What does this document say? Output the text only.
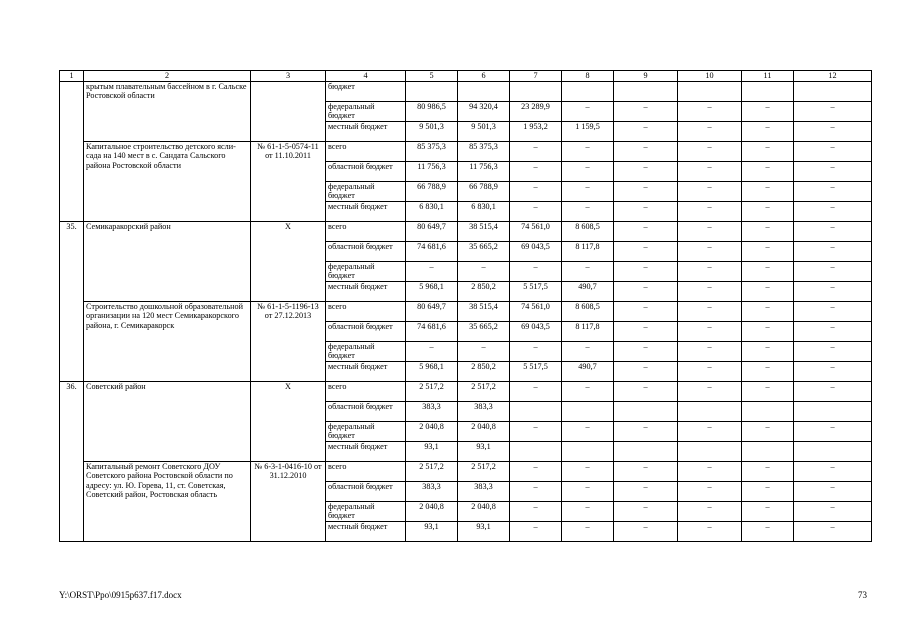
1	2	3	4	5	6	7	8	9	10	11	12
	крытым плавательным бассейном в г. Сальске Ростовской области		бюджет								
			федеральный бюджет	80 986,5	94 320,4	23 289,9	–	–	–	–	–
			местный бюджет	9 501,3	9 501,3	1 953,2	1 159,5	–	–	–	–
	Капитальное строительство детского ясли-сада на 140 мест в с. Сандата Сальского района Ростовской области	№ 61-1-5-0574-11 от 11.10.2011	всего	85 375,3	85 375,3	–	–	–	–	–	–
			областной бюджет	11 756,3	11 756,3	–	–	–	–	–	–
			федеральный бюджет	66 788,9	66 788,9	–	–	–	–	–	–
			местный бюджет	6 830,1	6 830,1	–	–	–	–	–	–
35.	Семикаракорский район	Х	всего	80 649,7	38 515,4	74 561,0	8 608,5	–	–	–	–
			областной бюджет	74 681,6	35 665,2	69 043,5	8 117,8	–	–	–	–
			федеральный бюджет	–	–	–	–	–	–	–	–
			местный бюджет	5 968,1	2 850,2	5 517,5	490,7	–	–	–	–
	Строительство дошкольной образовательной организации на 120 мест Семикаракорского района, г. Семикаракорск	№ 61-1-5-1196-13 от 27.12.2013	всего	80 649,7	38 515,4	74 561,0	8 608,5	–	–	–	–
			областной бюджет	74 681,6	35 665,2	69 043,5	8 117,8	–	–	–	–
			федеральный бюджет	–	–	–	–	–	–	–	–
			местный бюджет	5 968,1	2 850,2	5 517,5	490,7	–	–	–	–
36.	Советский район	Х	всего	2 517,2	2 517,2	–	–	–	–	–	–
			областной бюджет	383,3	383,3						
			федеральный бюджет	2 040,8	2 040,8	–	–	–	–	–	–
			местный бюджет	93,1	93,1						
	Капитальный ремонт Советского ДОУ Советского района Ростовской области по адресу: ул. Ю. Горева, 11, ст. Советская, Советский район, Ростовская область	№ 6-3-1-0416-10 от 31.12.2010	всего	2 517,2	2 517,2	–	–	–	–	–	–
			областной бюджет	383,3	383,3	–	–	–	–	–	–
			федеральный бюджет	2 040,8	2 040,8	–	–	–	–	–	–
			местный бюджет	93,1	93,1	–	–	–	–	–	–
Y:\ORST\Ppo\0915p637.f17.docx	73
